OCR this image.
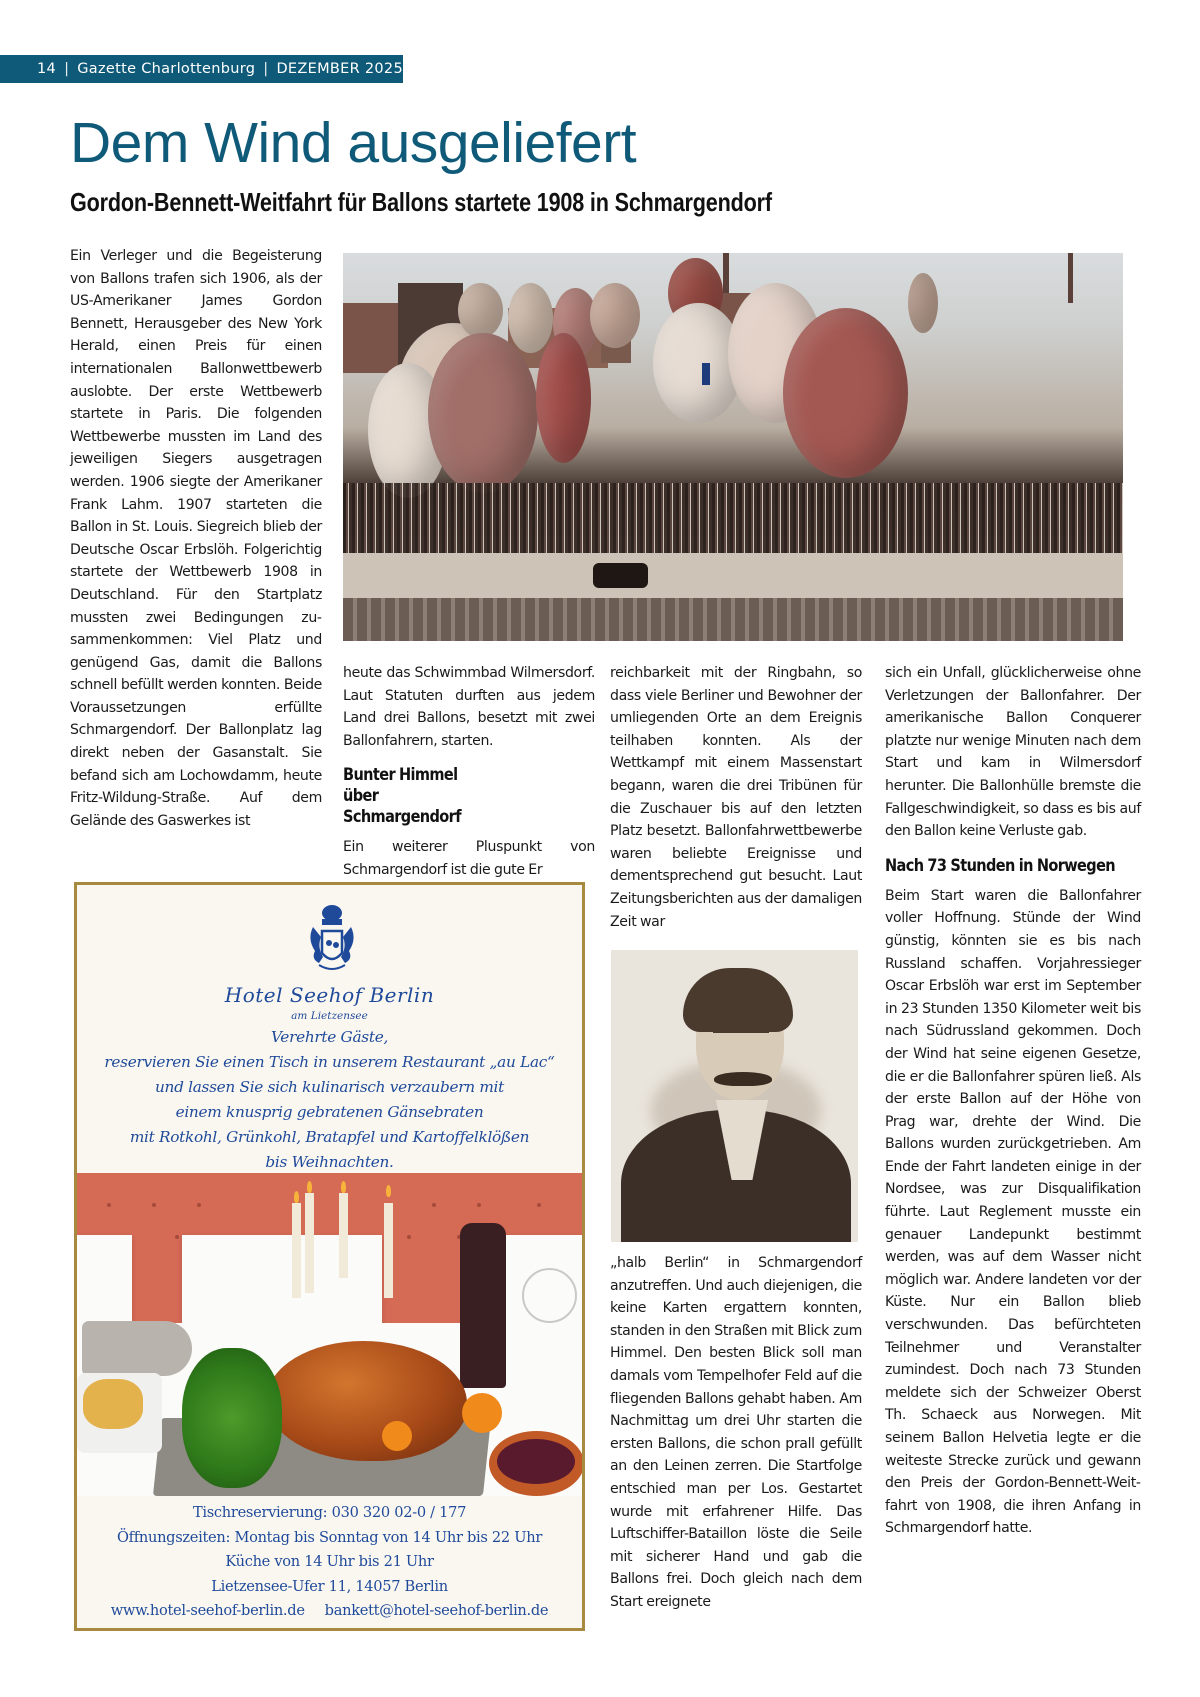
14 | Gazette Charlottenburg | DEZEMBER 2025
Dem Wind ausgeliefert
Gordon-Bennett-Weitfahrt für Ballons startete 1908 in Schmargendorf

Ein Verleger und die Begeisterung von Ballons trafen sich 1906, als der US-Amerikaner James Gordon Bennett, Herausgeber des New York Herald, einen Preis für einen internationalen Ballonwettbewerb auslobte. Der erste Wettbewerb startete in Paris. Die folgenden Wettbewerbe mussten im Land des jeweiligen Siegers ausgetragen werden. 1906 siegte der Amerikaner Frank Lahm. 1907 starteten die Ballon in St. Louis. Siegreich blieb der Deutsche Oscar Erbslöh. Folgerichtig startete der Wettbewerb 1908 in Deutschland. Für den Startplatz mussten zwei Bedingungen zusammenkommen: Viel Platz und genügend Gas, damit die Ballons schnell befüllt werden konnten. Beide Voraussetzungen erfüllte Schmargendorf. Der Ballonplatz lag direkt neben der Gasanstalt. Sie befand sich am Lochowdamm, heute Fritz-Wildung-Straße. Auf dem Gelände des Gaswerkes ist

heute das Schwimmbad Wilmersdorf. Laut Statuten durften aus jedem Land drei Ballons, besetzt mit zwei Ballonfahrern, starten.

Bunter Himmel über Schmargendorf

Ein weiterer Pluspunkt von Schmargendorf ist die gute Er

reichbarkeit mit der Ringbahn, so dass viele Berliner und Bewohner der umliegenden Orte an dem Ereignis teilhaben konnten. Als der Wettkampf mit einem Massenstart begann, waren die drei Tribünen für die Zuschauer bis auf den letzten Platz besetzt. Ballonfahrwettbewerbe waren beliebte Ereignisse und dementsprechend gut besucht. Laut Zeitungsberichten aus der damaligen Zeit war

„halb Berlin“ in Schmargendorf anzutreffen. Und auch diejenigen, die keine Karten ergattern konnten, standen in den Straßen mit Blick zum Himmel. Den besten Blick soll man damals vom Tempelhofer Feld auf die fliegenden Ballons gehabt haben. Am Nachmittag um drei Uhr starten die ersten Ballons, die schon prall gefüllt an den Leinen zerren. Die Startfolge entschied man per Los. Gestartet wurde mit erfahrener Hilfe. Das Luftschiffer-Bataillon löste die Seile mit sicherer Hand und gab die Ballons frei. Doch gleich nach dem Start ereignete

sich ein Unfall, glücklicherweise ohne Verletzungen der Ballonfahrer. Der amerikanische Ballon Conquerer platzte nur wenige Minuten nach dem Start und kam in Wilmersdorf herunter. Die Ballonhülle bremste die Fallgeschwindigkeit, so dass es bis auf den Ballon keine Verluste gab.

Nach 73 Stunden in Norwegen

Beim Start waren die Ballonfahrer voller Hoffnung. Stünde der Wind günstig, könnten sie es bis nach Russland schaffen. Vorjahressieger Oscar Erbslöh war erst im September in 23 Stunden 1350 Kilometer weit bis nach Südrussland gekommen. Doch der Wind hat seine eigenen Gesetze, die er die Ballonfahrer spüren ließ. Als der erste Ballon auf der Höhe von Prag war, drehte der Wind. Die Ballons wurden zurückgetrieben. Am Ende der Fahrt landeten einige in der Nordsee, was zur Disqualifikation führte. Laut Reglement musste ein genauer Landepunkt bestimmt werden, was auf dem Wasser nicht möglich war. Andere landeten vor der Küste. Nur ein Ballon blieb verschwunden. Das befürchteten Teilnehmer und Veranstalter zumindest. Doch nach 73 Stunden meldete sich der Schweizer Oberst Th. Schaeck aus Norwegen. Mit seinem Ballon Helvetia legte er die weiteste Strecke zurück und gewann den Preis der Gordon-Bennett-Weitfahrt von 1908, die ihren Anfang in Schmargendorf hatte.

Hotel Seehof Berlin
am Lietzensee
Verehrte Gäste,
reservieren Sie einen Tisch in unserem Restaurant „au Lac“
und lassen Sie sich kulinarisch verzaubern mit
einem knusprig gebratenen Gänsebraten
mit Rotkohl, Grünkohl, Bratapfel und Kartoffelklößen
bis Weihnachten.
Tischreservierung: 030 320 02-0 / 177
Öffnungszeiten: Montag bis Sonntag von 14 Uhr bis 22 Uhr
Küche von 14 Uhr bis 21 Uhr
Lietzensee-Ufer 11, 14057 Berlin
www.hotel-seehof-berlin.de bankett@hotel-seehof-berlin.de
